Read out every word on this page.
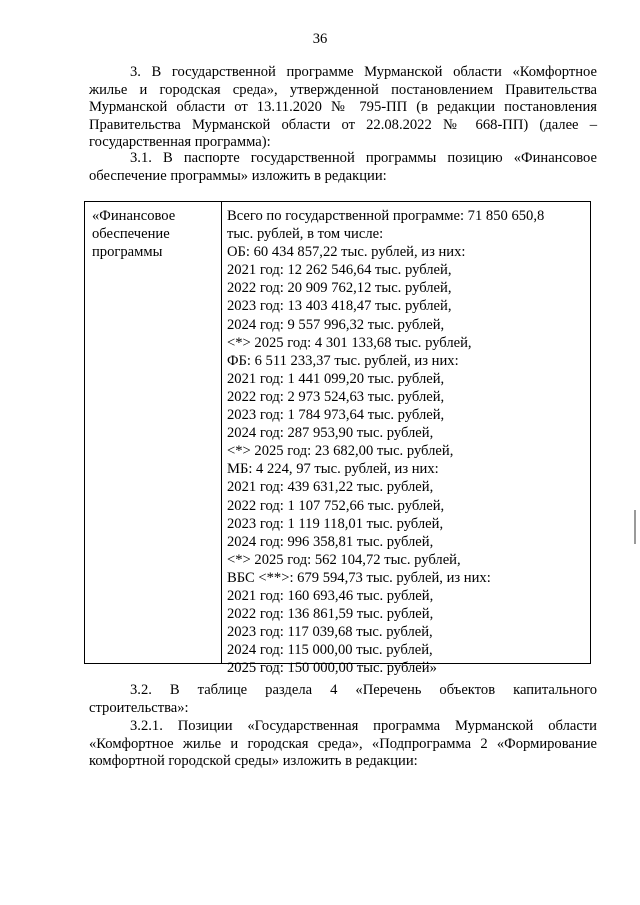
36

3. В государственной программе Мурманской области «Комфортное жилье и городская среда», утвержденной постановлением Правительства Мурманской области от 13.11.2020 № 795-ПП (в редакции постановления Правительства Мурманской области от 22.08.2022 № 668-ПП) (далее – государственная программа):

3.1. В паспорте государственной программы позицию «Финансовое обеспечение программы» изложить в редакции:

«Финансовое
обеспечение
программы
Всего по государственной программе: 71 850 650,8
тыс. рублей, в том числе:
ОБ: 60 434 857,22 тыс. рублей, из них:
2021 год: 12 262 546,64 тыс. рублей,
2022 год: 20 909 762,12 тыс. рублей,
2023 год: 13 403 418,47 тыс. рублей,
2024 год: 9 557 996,32 тыс. рублей,
<*> 2025 год: 4 301 133,68 тыс. рублей,
ФБ: 6 511 233,37 тыс. рублей, из них:
2021 год: 1 441 099,20 тыс. рублей,
2022 год: 2 973 524,63 тыс. рублей,
2023 год: 1 784 973,64 тыс. рублей,
2024 год: 287 953,90 тыс. рублей,
<*> 2025 год: 23 682,00 тыс. рублей,
МБ: 4 224, 97 тыс. рублей, из них:
2021 год: 439 631,22 тыс. рублей,
2022 год: 1 107 752,66 тыс. рублей,
2023 год: 1 119 118,01 тыс. рублей,
2024 год: 996 358,81 тыс. рублей,
<*> 2025 год: 562 104,72 тыс. рублей,
ВБС <**>: 679 594,73 тыс. рублей, из них:
2021 год: 160 693,46 тыс. рублей,
2022 год: 136 861,59 тыс. рублей,
2023 год: 117 039,68 тыс. рублей,
2024 год: 115 000,00 тыс. рублей,
2025 год: 150 000,00 тыс. рублей»

3.2. В таблице раздела 4 «Перечень объектов капитального строительства»:

3.2.1. Позиции «Государственная программа Мурманской области «Комфортное жилье и городская среда», «Подпрограмма 2 «Формирование комфортной городской среды» изложить в редакции:
